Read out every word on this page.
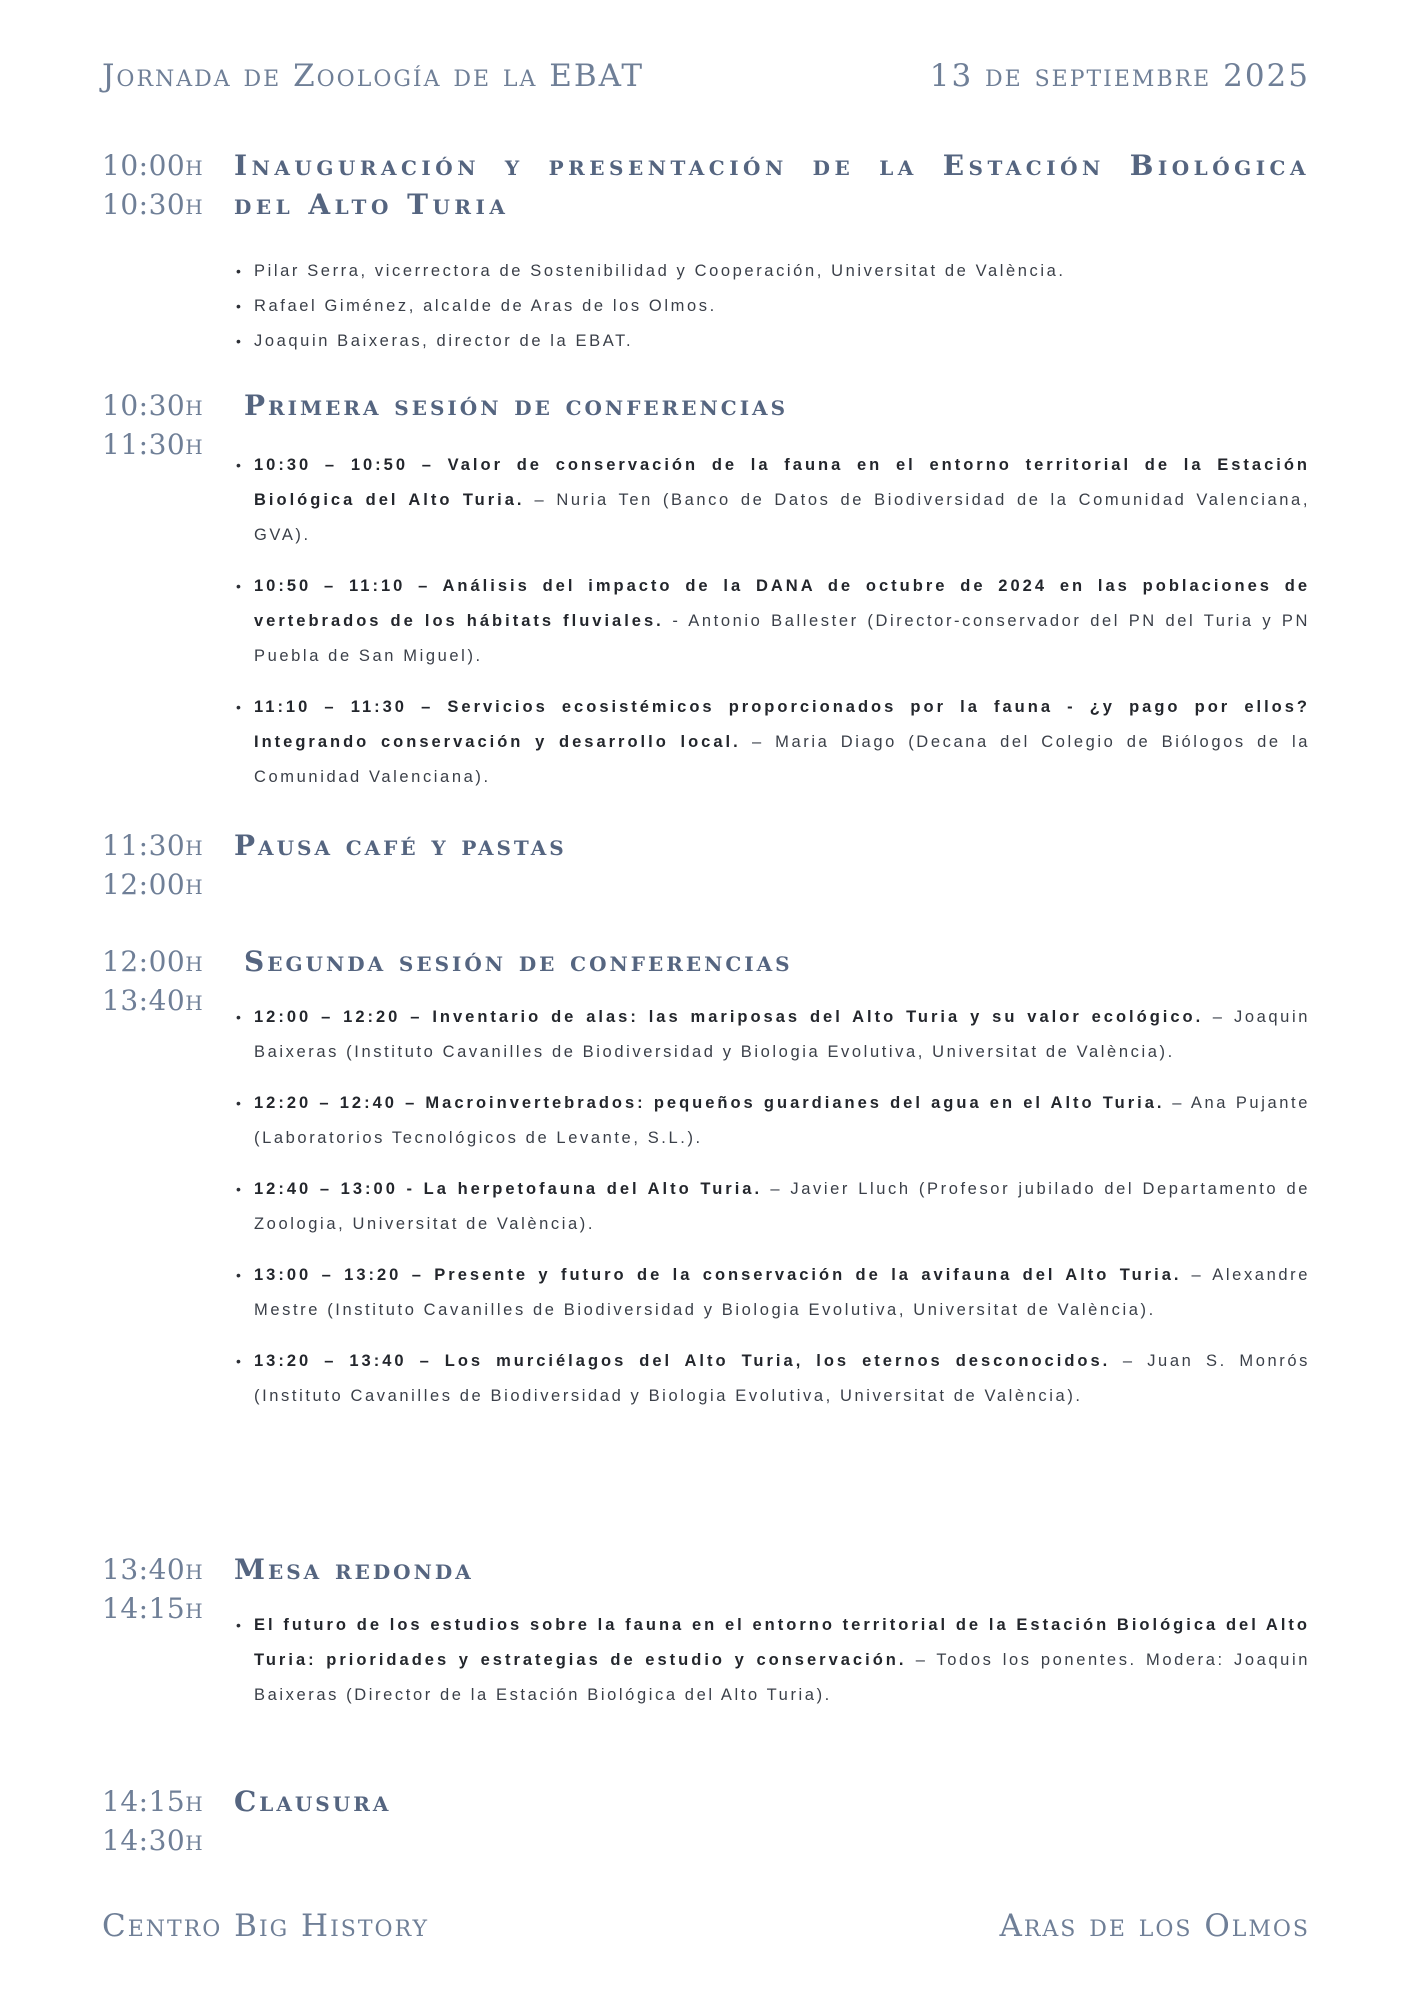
Jornada de Zoología de la EBAT	13 de septiembre 2025
10:00h
10:30h
Inauguración y presentación de la Estación Biológica del Alto Turia
• Pilar Serra, vicerrectora de Sostenibilidad y Cooperación, Universitat de València.
• Rafael Giménez, alcalde de Aras de los Olmos.
• Joaquin Baixeras, director de la EBAT.
10:30h
11:30h
Primera sesión de conferencias
• 10:30 – 10:50 – Valor de conservación de la fauna en el entorno territorial de la Estación Biológica del Alto Turia. – Nuria Ten (Banco de Datos de Biodiversidad de la Comunidad Valenciana, GVA).
• 10:50 – 11:10 – Análisis del impacto de la DANA de octubre de 2024 en las poblaciones de vertebrados de los hábitats fluviales. - Antonio Ballester (Director-conservador del PN del Turia y PN Puebla de San Miguel).
• 11:10 – 11:30 – Servicios ecosistémicos proporcionados por la fauna - ¿y pago por ellos? Integrando conservación y desarrollo local. – Maria Diago (Decana del Colegio de Biólogos de la Comunidad Valenciana).
11:30h
12:00h
Pausa café y pastas
12:00h
13:40h
Segunda sesión de conferencias
• 12:00 – 12:20 – Inventario de alas: las mariposas del Alto Turia y su valor ecológico. – Joaquin Baixeras (Instituto Cavanilles de Biodiversidad y Biologia Evolutiva, Universitat de València).
• 12:20 – 12:40 – Macroinvertebrados: pequeños guardianes del agua en el Alto Turia. – Ana Pujante (Laboratorios Tecnológicos de Levante, S.L.).
• 12:40 – 13:00 - La herpetofauna del Alto Turia. – Javier Lluch (Profesor jubilado del Departamento de Zoologia, Universitat de València).
• 13:00 – 13:20 – Presente y futuro de la conservación de la avifauna del Alto Turia. – Alexandre Mestre (Instituto Cavanilles de Biodiversidad y Biologia Evolutiva, Universitat de València).
• 13:20 – 13:40 – Los murciélagos del Alto Turia, los eternos desconocidos. – Juan S. Monrós (Instituto Cavanilles de Biodiversidad y Biologia Evolutiva, Universitat de València).
13:40h
14:15h
Mesa redonda
• El futuro de los estudios sobre la fauna en el entorno territorial de la Estación Biológica del Alto Turia: prioridades y estrategias de estudio y conservación. – Todos los ponentes. Modera: Joaquin Baixeras (Director de la Estación Biológica del Alto Turia).
14:15h
14:30h
Clausura
Centro Big History	Aras de los Olmos
